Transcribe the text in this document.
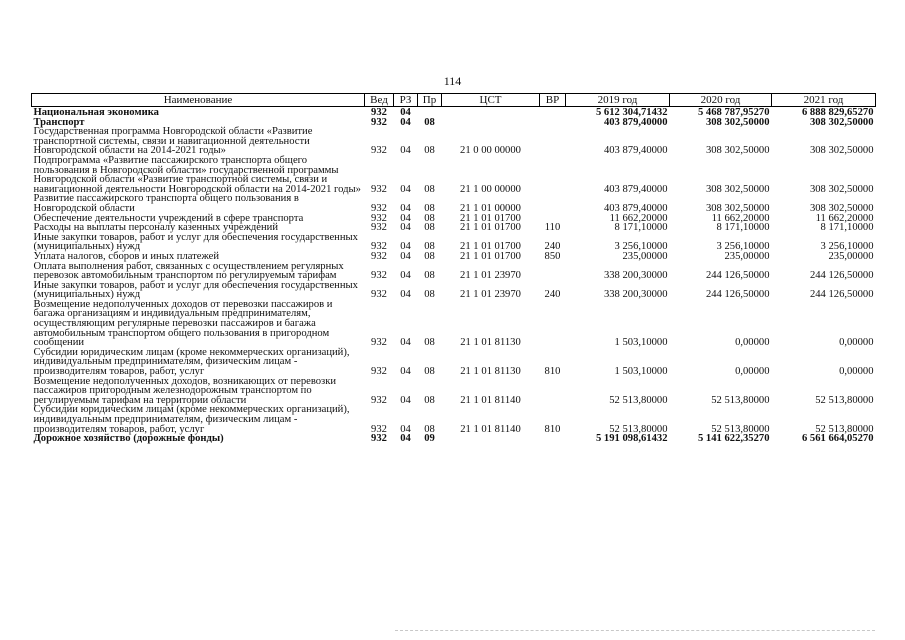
114
Наименование	Вед	РЗ	Пр	ЦСТ	ВР	2019 год	2020 год	2021 год
Национальная экономика	932	04				5 612 304,71432	5 468 787,95270	6 888 829,65270
Транспорт	932	04	08			403 879,40000	308 302,50000	308 302,50000
Государственная программа Новгородской области «Развитие транспортной системы, связи и навигационной деятельности Новгородской области на 2014-2021 годы»	932	04	08	21 0 00 00000		403 879,40000	308 302,50000	308 302,50000
Подпрограмма «Развитие пассажирского транспорта общего пользования в Новгородской области» государственной программы Новгородской области «Развитие транспортной системы, связи и навигационной деятельности Новгородской области на 2014-2021 годы»	932	04	08	21 1 00 00000		403 879,40000	308 302,50000	308 302,50000
Развитие пассажирского транспорта общего пользования в Новгородской области	932	04	08	21 1 01 00000		403 879,40000	308 302,50000	308 302,50000
Обеспечение деятельности учреждений в сфере транспорта	932	04	08	21 1 01 01700		11 662,20000	11 662,20000	11 662,20000
Расходы на выплаты персоналу казенных учреждений	932	04	08	21 1 01 01700	110	8 171,10000	8 171,10000	8 171,10000
Иные закупки товаров, работ и услуг для обеспечения государственных (муниципальных) нужд	932	04	08	21 1 01 01700	240	3 256,10000	3 256,10000	3 256,10000
Уплата налогов, сборов и иных платежей	932	04	08	21 1 01 01700	850	235,00000	235,00000	235,00000
Оплата выполнения работ, связанных с осуществлением регулярных перевозок автомобильным транспортом по регулируемым тарифам	932	04	08	21 1 01 23970		338 200,30000	244 126,50000	244 126,50000
Иные закупки товаров, работ и услуг для обеспечения государственных (муниципальных) нужд	932	04	08	21 1 01 23970	240	338 200,30000	244 126,50000	244 126,50000
Возмещение недополученных доходов от перевозки пассажиров и багажа организациям и индивидуальным предпринимателям, осуществляющим регулярные перевозки пассажиров и багажа автомобильным транспортом общего пользования в пригородном сообщении	932	04	08	21 1 01 81130		1 503,10000	0,00000	0,00000
Субсидии юридическим лицам (кроме некоммерческих организаций), индивидуальным предпринимателям, физическим лицам - производителям товаров, работ, услуг	932	04	08	21 1 01 81130	810	1 503,10000	0,00000	0,00000
Возмещение недополученных доходов, возникающих от перевозки пассажиров пригородным железнодорожным транспортом по регулируемым тарифам на территории области	932	04	08	21 1 01 81140		52 513,80000	52 513,80000	52 513,80000
Субсидии юридическим лицам (кроме некоммерческих организаций), индивидуальным предпринимателям, физическим лицам - производителям товаров, работ, услуг	932	04	08	21 1 01 81140	810	52 513,80000	52 513,80000	52 513,80000
Дорожное хозяйство (дорожные фонды)	932	04	09			5 191 098,61432	5 141 622,35270	6 561 664,05270
